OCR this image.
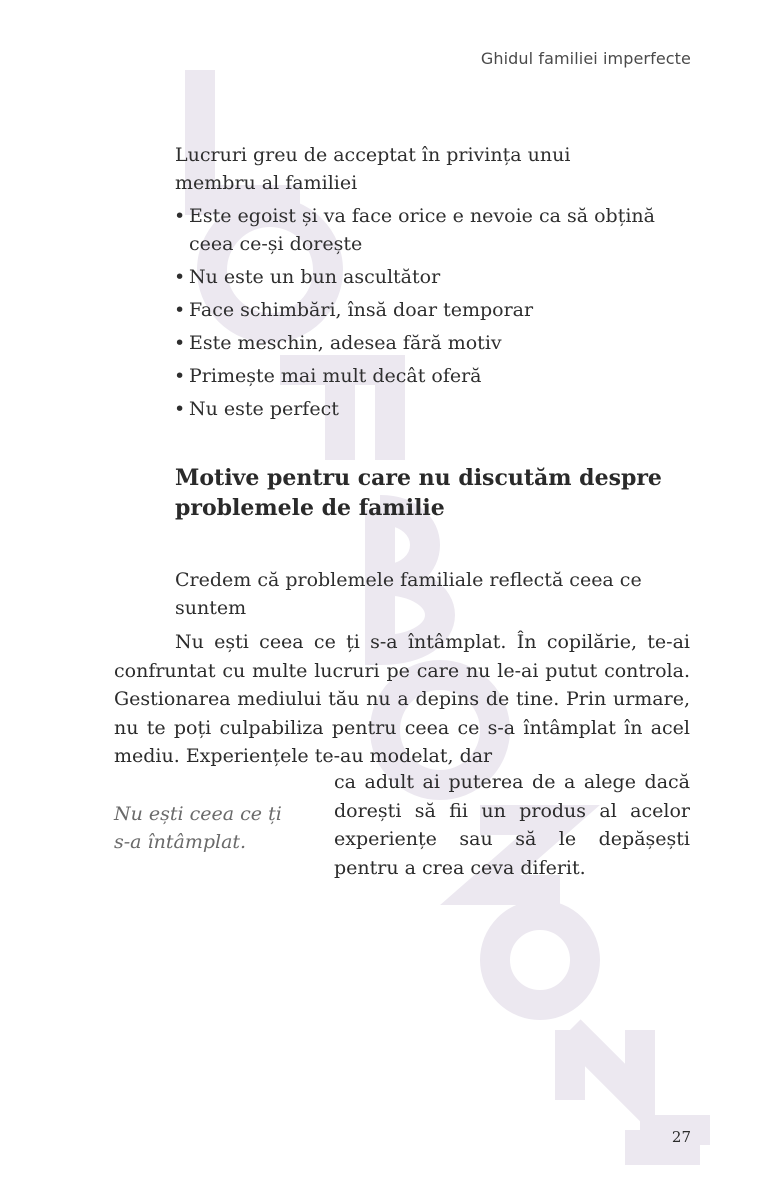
Ghidul familiei imperfecte
Lucruri greu de acceptat în privința unui
membru al familiei
• Este egoist și va face orice e nevoie ca să obțină ceea ce-și dorește
• Nu este un bun ascultător
• Face schimbări, însă doar temporar
• Este meschin, adesea fără motiv
• Primește mai mult decât oferă
• Nu este perfect
Motive pentru care nu discutăm despre
problemele de familie
Credem că problemele familiale reflectă ceea ce
suntem

Nu ești ceea ce ți s-a întâmplat. În copilărie, te-ai confruntat cu multe lucruri pe care nu le-ai putut controla. Gestionarea mediului tău nu a depins de tine. Prin urmare, nu te poți culpabiliza pentru ceea ce s-a întâmplat în acel mediu. Experiențele te-au modelat, dar

Nu ești ceea ce ți
s-a întâmplat.

ca adult ai puterea de a alege dacă dorești să fii un produs al acelor experiențe sau să le depășești pentru a crea ceva diferit.

27
